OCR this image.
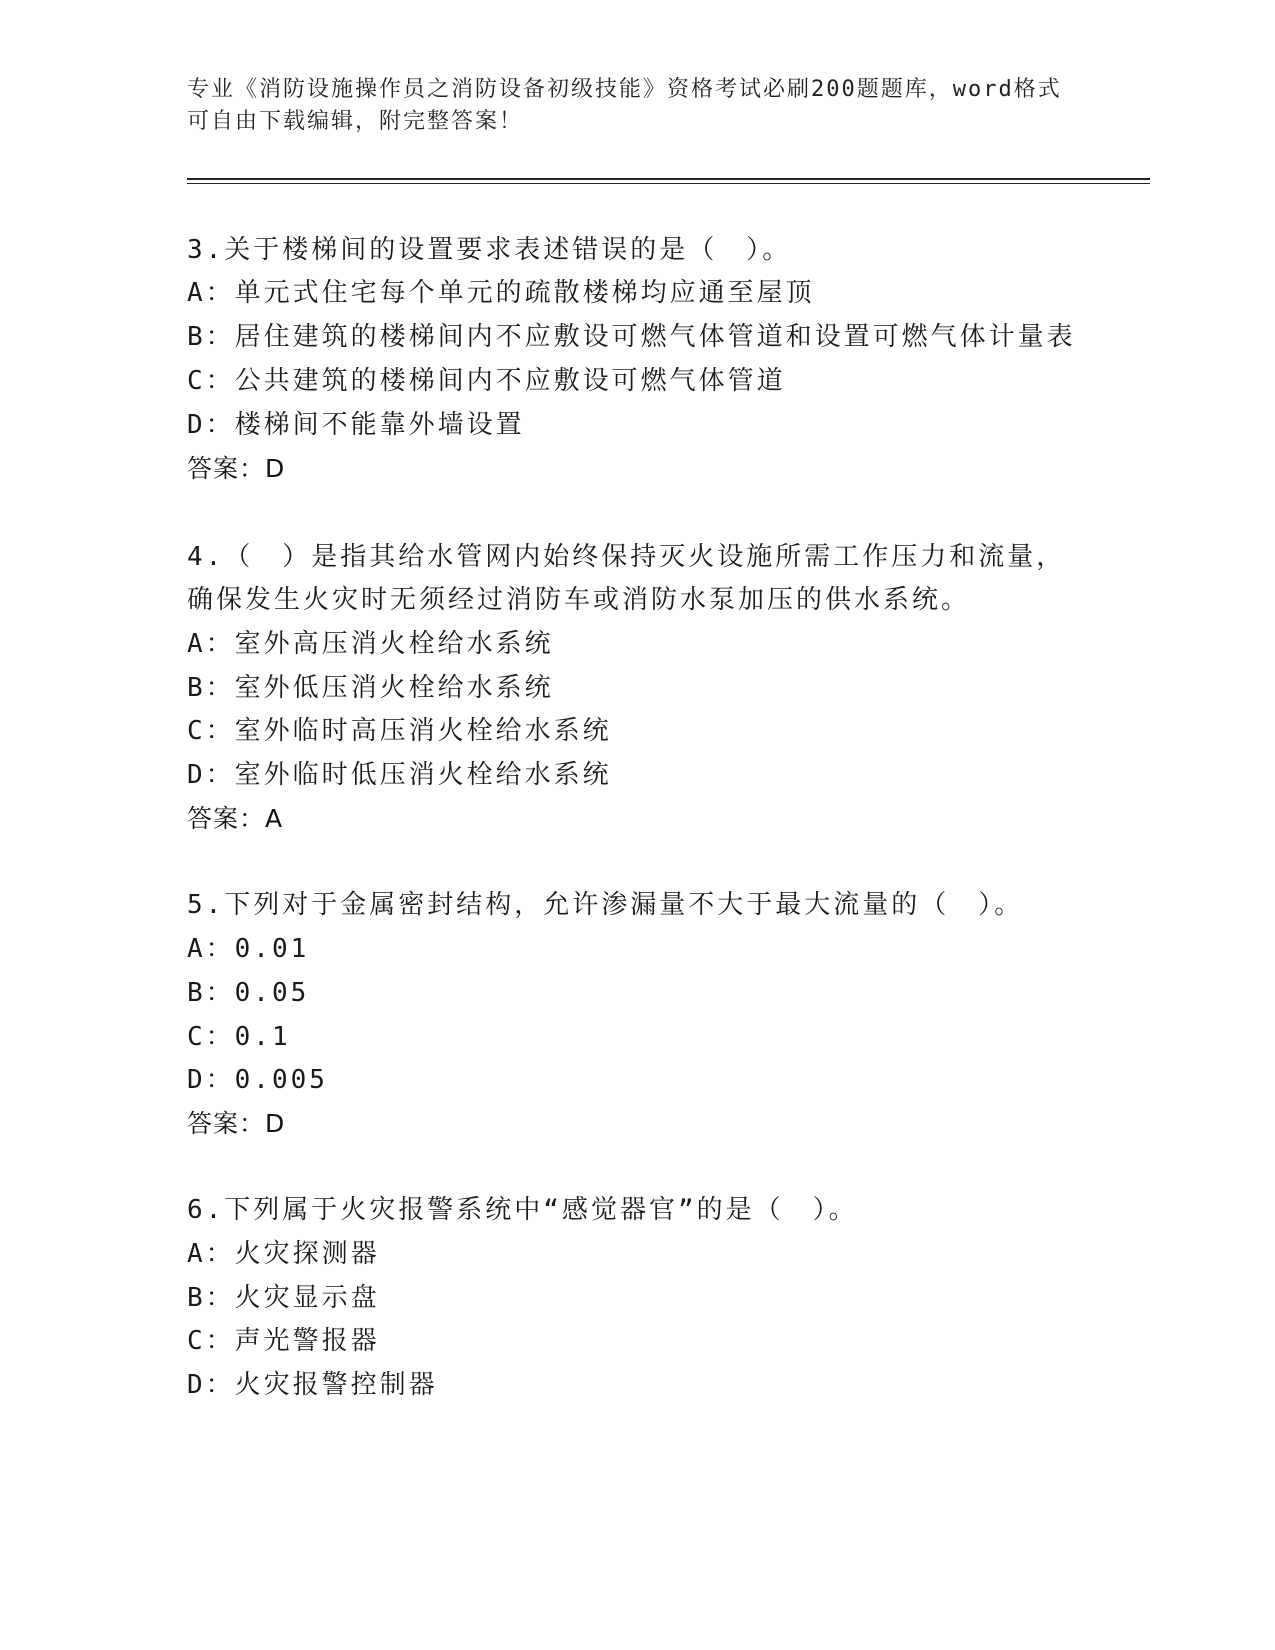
专业《消防设施操作员之消防设备初级技能》资格考试必刷200题题库，word格式可自由下载编辑，附完整答案！
3.关于楼梯间的设置要求表述错误的是（　）。
A：单元式住宅每个单元的疏散楼梯均应通至屋顶
B：居住建筑的楼梯间内不应敷设可燃气体管道和设置可燃气体计量表
C：公共建筑的楼梯间内不应敷设可燃气体管道
D：楼梯间不能靠外墙设置
答案：D
4.（　）是指其给水管网内始终保持灭火设施所需工作压力和流量，
确保发生火灾时无须经过消防车或消防水泵加压的供水系统。
A：室外高压消火栓给水系统
B：室外低压消火栓给水系统
C：室外临时高压消火栓给水系统
D：室外临时低压消火栓给水系统
答案：A
5.下列对于金属密封结构，允许渗漏量不大于最大流量的（　）。
A：0.01
B：0.05
C：0.1
D：0.005
答案：D
6.下列属于火灾报警系统中“感觉器官”的是（　）。
A：火灾探测器
B：火灾显示盘
C：声光警报器
D：火灾报警控制器
